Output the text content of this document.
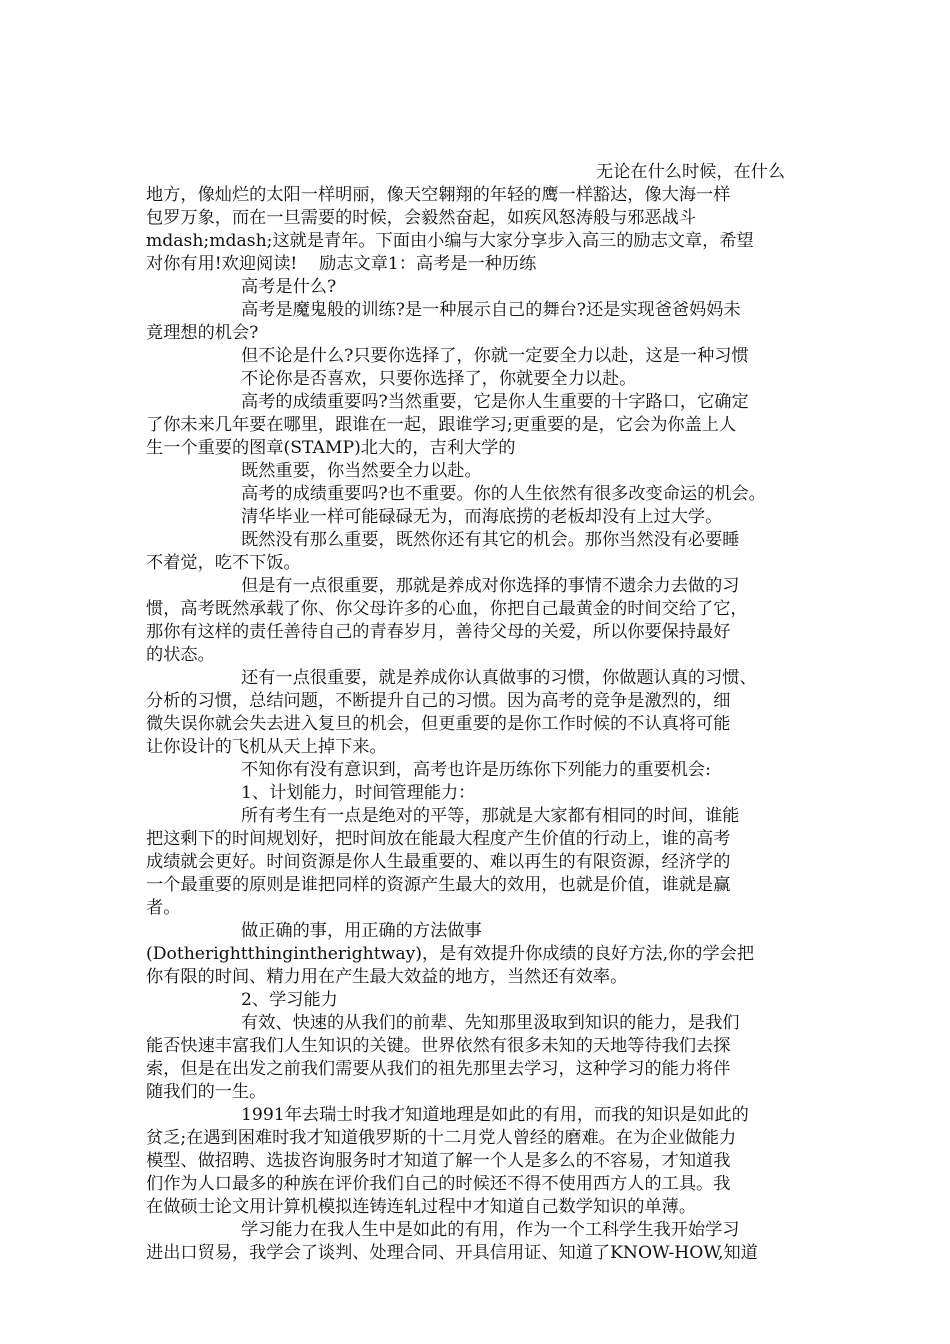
无论在什么时候，在什么
地方，像灿烂的太阳一样明丽，像天空翱翔的年轻的鹰一样豁达，像大海一样
包罗万象，而在一旦需要的时候，会毅然奋起，如疾风怒涛般与邪恶战斗
mdash;mdash;这就是青年。下面由小编与大家分享步入高三的励志文章，希望
对你有用!欢迎阅读!    励志文章1：高考是一种历练
高考是什么?
高考是魔鬼般的训练?是一种展示自己的舞台?还是实现爸爸妈妈未
竟理想的机会?
但不论是什么?只要你选择了，你就一定要全力以赴，这是一种习惯
不论你是否喜欢，只要你选择了，你就要全力以赴。
高考的成绩重要吗?当然重要，它是你人生重要的十字路口，它确定
了你未来几年要在哪里，跟谁在一起，跟谁学习;更重要的是，它会为你盖上人
生一个重要的图章(STAMP)北大的，吉利大学的
既然重要，你当然要全力以赴。
高考的成绩重要吗?也不重要。你的人生依然有很多改变命运的机会。
清华毕业一样可能碌碌无为，而海底捞的老板却没有上过大学。
既然没有那么重要，既然你还有其它的机会。那你当然没有必要睡
不着觉，吃不下饭。
但是有一点很重要，那就是养成对你选择的事情不遗余力去做的习
惯，高考既然承载了你、你父母许多的心血，你把自己最黄金的时间交给了它，
那你有这样的责任善待自己的青春岁月，善待父母的关爱，所以你要保持最好
的状态。
还有一点很重要，就是养成你认真做事的习惯，你做题认真的习惯、
分析的习惯，总结问题，不断提升自己的习惯。因为高考的竞争是激烈的，细
微失误你就会失去进入复旦的机会，但更重要的是你工作时候的不认真将可能
让你设计的飞机从天上掉下来。
不知你有没有意识到，高考也许是历练你下列能力的重要机会:
1、计划能力，时间管理能力：
所有考生有一点是绝对的平等，那就是大家都有相同的时间，谁能
把这剩下的时间规划好，把时间放在能最大程度产生价值的行动上，谁的高考
成绩就会更好。时间资源是你人生最重要的、难以再生的有限资源，经济学的
一个最重要的原则是谁把同样的资源产生最大的效用，也就是价值，谁就是赢
者。
做正确的事，用正确的方法做事
(Dotherightthingintherightway)，是有效提升你成绩的良好方法,你的学会把
你有限的时间、精力用在产生最大效益的地方，当然还有效率。
2、学习能力
有效、快速的从我们的前辈、先知那里汲取到知识的能力，是我们
能否快速丰富我们人生知识的关键。世界依然有很多未知的天地等待我们去探
索，但是在出发之前我们需要从我们的祖先那里去学习，这种学习的能力将伴
随我们的一生。
1991年去瑞士时我才知道地理是如此的有用，而我的知识是如此的
贫乏;在遇到困难时我才知道俄罗斯的十二月党人曾经的磨难。在为企业做能力
模型、做招聘、选拔咨询服务时才知道了解一个人是多么的不容易，才知道我
们作为人口最多的种族在评价我们自己的时候还不得不使用西方人的工具。我
在做硕士论文用计算机模拟连铸连轧过程中才知道自己数学知识的单薄。
学习能力在我人生中是如此的有用，作为一个工科学生我开始学习
进出口贸易，我学会了谈判、处理合同、开具信用证、知道了KNOW-HOW,知道
